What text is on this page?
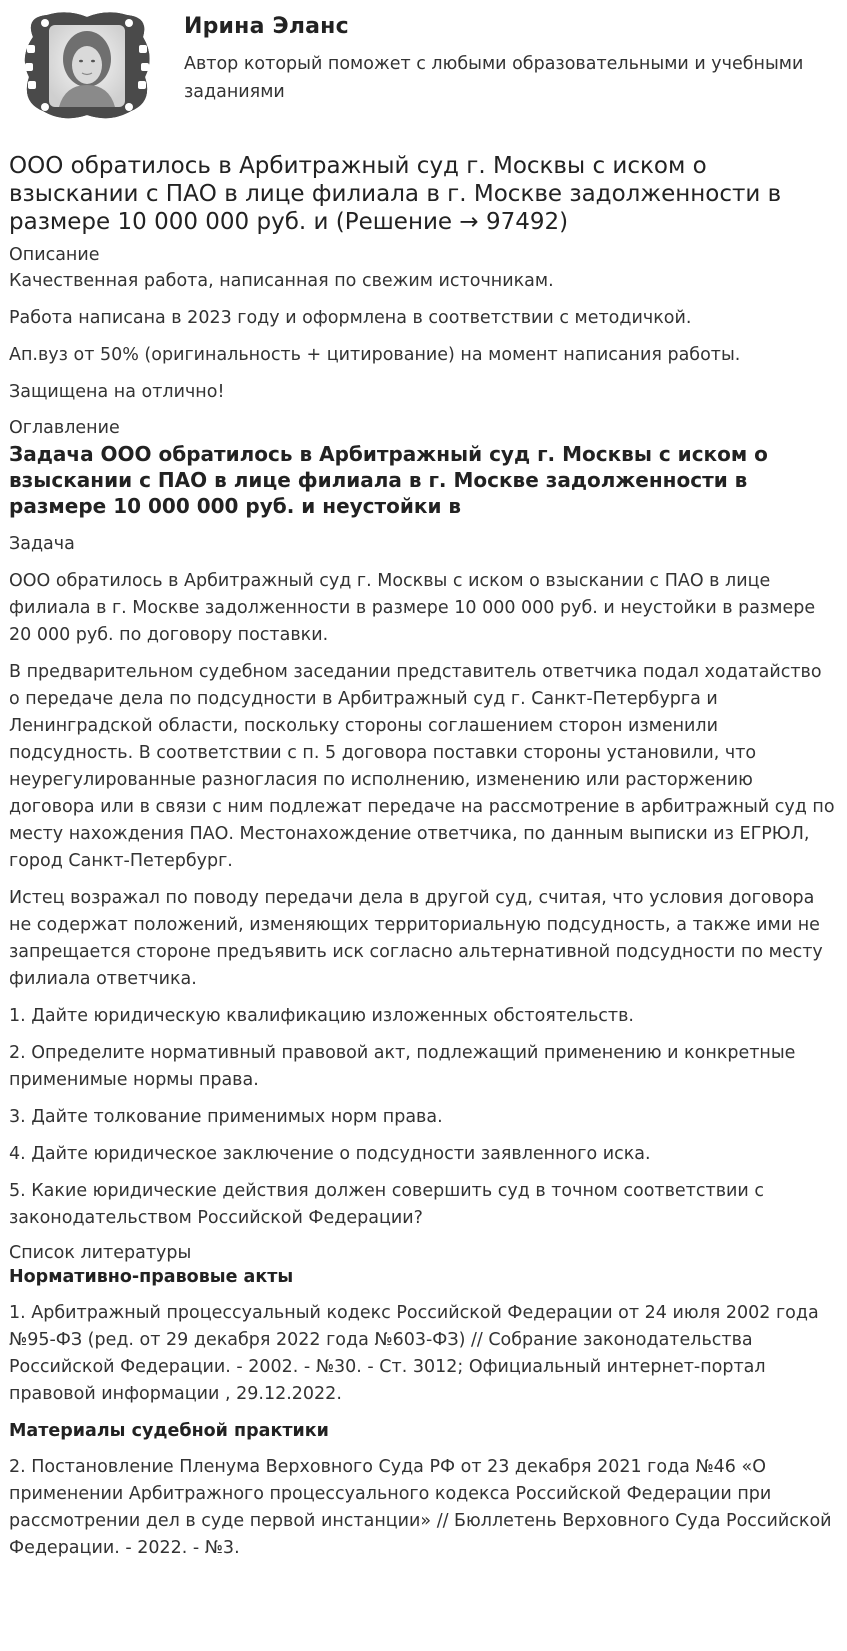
Ирина Эланс

Автор который поможет с любыми образовательными и учебными заданиями

ООО обратилось в Арбитражный суд г. Москвы с иском о взыскании с ПАО в лице филиала в г. Москве задолженности в размере 10 000 000 руб. и (Решение → 97492)
Описание

Качественная работа, написанная по свежим источникам.

Работа написана в 2023 году и оформлена в соответствии с методичкой.

Ап.вуз от 50% (оригинальность + цитирование) на момент написания работы.

Защищена на отлично!

Оглавление
Задача ООО обратилось в Арбитражный суд г. Москвы с иском о взыскании с ПАО в лице филиала в г. Москве задолженности в размере 10 000 000 руб. и неустойки в

Задача

ООО обратилось в Арбитражный суд г. Москвы с иском о взыскании с ПАО в лице филиала в г. Москве задолженности в размере 10 000 000 руб. и неустойки в размере 20 000 руб. по договору поставки.

В предварительном судебном заседании представитель ответчика подал ходатайство о передаче дела по подсудности в Арбитражный суд г. Санкт-Петербурга и Ленинградской области, поскольку стороны соглашением сторон изменили подсудность. В соответствии с п. 5 договора поставки стороны установили, что неурегулированные разногласия по исполнению, изменению или расторжению договора или в связи с ним подлежат передаче на рассмотрение в арбитражный суд по месту нахождения ПАО. Местонахождение ответчика, по данным выписки из ЕГРЮЛ, город Санкт-Петербург.

Истец возражал по поводу передачи дела в другой суд, считая, что условия договора не содержат положений, изменяющих территориальную подсудность, а также ими не запрещается стороне предъявить иск согласно альтернативной подсудности по месту филиала ответчика.

1. Дайте юридическую квалификацию изложенных обстоятельств.

2. Определите нормативный правовой акт, подлежащий применению и конкретные применимые нормы права.

3. Дайте толкование применимых норм права.

4. Дайте юридическое заключение о подсудности заявленного иска.

5. Какие юридические действия должен совершить суд в точном соответствии с законодательством Российской Федерации?

Список литературы
Нормативно-правовые акты

1. Арбитражный процессуальный кодекс Российской Федерации от 24 июля 2002 года №95-ФЗ (ред. от 29 декабря 2022 года №603-ФЗ) // Собрание законодательства Российской Федерации. - 2002. - №30. - Ст. 3012; Официальный интернет-портал правовой информации , 29.12.2022.

Материалы судебной практики

2. Постановление Пленума Верховного Суда РФ от 23 декабря 2021 года №46 «О применении Арбитражного процессуального кодекса Российской Федерации при рассмотрении дел в суде первой инстанции» // Бюллетень Верховного Суда Российской Федерации. - 2022. - №3.
